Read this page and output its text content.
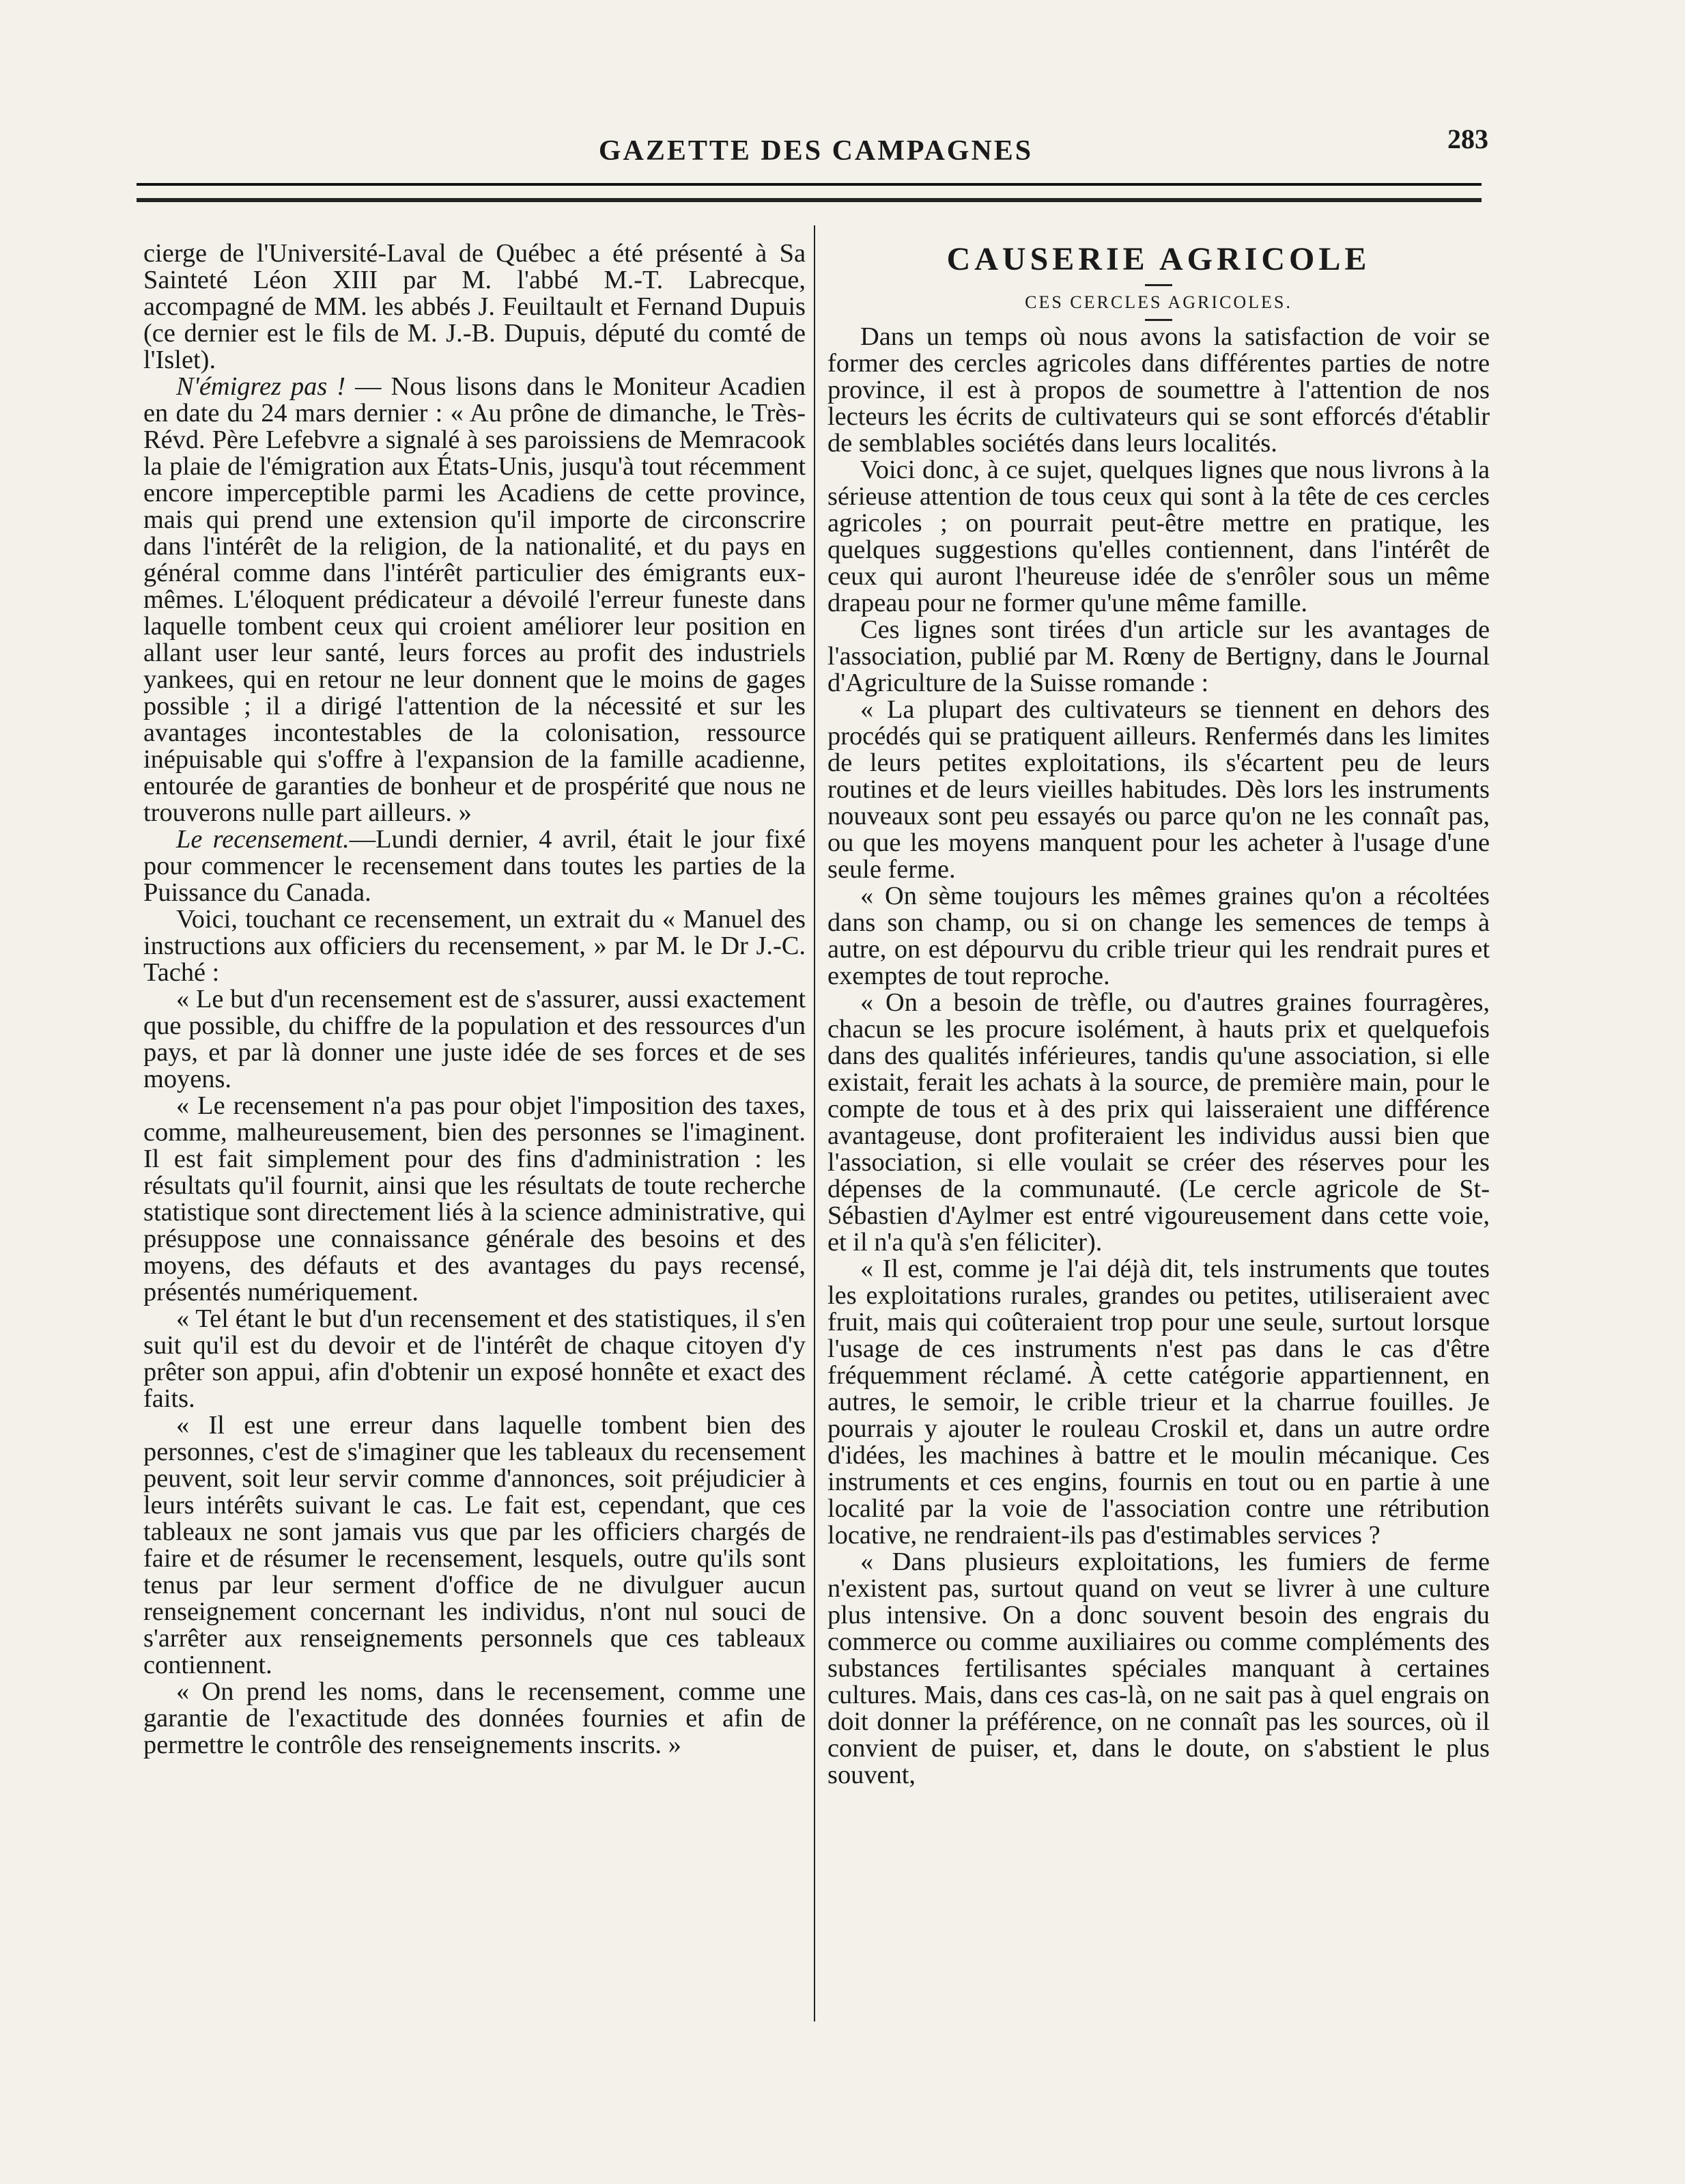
GAZETTE DES CAMPAGNES	283

cierge de l'Université-Laval de Québec a été présenté à Sa Sainteté Léon XIII par M. l'abbé M.-T. Labrecque, accompagné de MM. les abbés J. Feuiltault et Fernand Dupuis (ce dernier est le fils de M. J.-B. Dupuis, député du comté de l'Islet).

N'émigrez pas ! — Nous lisons dans le Moniteur Acadien en date du 24 mars dernier : « Au prône de dimanche, le Très-Révd. Père Lefebvre a signalé à ses paroissiens de Memracook la plaie de l'émigration aux États-Unis, jusqu'à tout récemment encore imperceptible parmi les Acadiens de cette province, mais qui prend une extension qu'il importe de circonscrire dans l'intérêt de la religion, de la nationalité, et du pays en général comme dans l'intérêt particulier des émigrants eux-mêmes. L'éloquent prédicateur a dévoilé l'erreur funeste dans laquelle tombent ceux qui croient améliorer leur position en allant user leur santé, leurs forces au profit des industriels yankees, qui en retour ne leur donnent que le moins de gages possible ; il a dirigé l'attention de la nécessité et sur les avantages incontestables de la colonisation, ressource inépuisable qui s'offre à l'expansion de la famille acadienne, entourée de garanties de bonheur et de prospérité que nous ne trouverons nulle part ailleurs. »

Le recensement.—Lundi dernier, 4 avril, était le jour fixé pour commencer le recensement dans toutes les parties de la Puissance du Canada.

Voici, touchant ce recensement, un extrait du « Manuel des instructions aux officiers du recensement, » par M. le Dr J.-C. Taché :

« Le but d'un recensement est de s'assurer, aussi exactement que possible, du chiffre de la population et des ressources d'un pays, et par là donner une juste idée de ses forces et de ses moyens.

« Le recensement n'a pas pour objet l'imposition des taxes, comme, malheureusement, bien des personnes se l'imaginent. Il est fait simplement pour des fins d'administration : les résultats qu'il fournit, ainsi que les résultats de toute recherche statistique sont directement liés à la science administrative, qui présuppose une connaissance générale des besoins et des moyens, des défauts et des avantages du pays recensé, présentés numériquement.

« Tel étant le but d'un recensement et des statistiques, il s'en suit qu'il est du devoir et de l'intérêt de chaque citoyen d'y prêter son appui, afin d'obtenir un exposé honnête et exact des faits.

« Il est une erreur dans laquelle tombent bien des personnes, c'est de s'imaginer que les tableaux du recensement peuvent, soit leur servir comme d'annonces, soit préjudicier à leurs intérêts suivant le cas. Le fait est, cependant, que ces tableaux ne sont jamais vus que par les officiers chargés de faire et de résumer le recensement, lesquels, outre qu'ils sont tenus par leur serment d'office de ne divulguer aucun renseignement concernant les individus, n'ont nul souci de s'arrêter aux renseignements personnels que ces tableaux contiennent.

« On prend les noms, dans le recensement, comme une garantie de l'exactitude des données fournies et afin de permettre le contrôle des renseignements inscrits. »

CAUSERIE AGRICOLE
CES CERCLES AGRICOLES.

Dans un temps où nous avons la satisfaction de voir se former des cercles agricoles dans différentes parties de notre province, il est à propos de soumettre à l'attention de nos lecteurs les écrits de cultivateurs qui se sont efforcés d'établir de semblables sociétés dans leurs localités.

Voici donc, à ce sujet, quelques lignes que nous livrons à la sérieuse attention de tous ceux qui sont à la tête de ces cercles agricoles ; on pourrait peut-être mettre en pratique, les quelques suggestions qu'elles contiennent, dans l'intérêt de ceux qui auront l'heureuse idée de s'enrôler sous un même drapeau pour ne former qu'une même famille.

Ces lignes sont tirées d'un article sur les avantages de l'association, publié par M. Rœny de Bertigny, dans le Journal d'Agriculture de la Suisse romande :

« La plupart des cultivateurs se tiennent en dehors des procédés qui se pratiquent ailleurs. Renfermés dans les limites de leurs petites exploitations, ils s'écartent peu de leurs routines et de leurs vieilles habitudes. Dès lors les instruments nouveaux sont peu essayés ou parce qu'on ne les connaît pas, ou que les moyens manquent pour les acheter à l'usage d'une seule ferme.

« On sème toujours les mêmes graines qu'on a récoltées dans son champ, ou si on change les semences de temps à autre, on est dépourvu du crible trieur qui les rendrait pures et exemptes de tout reproche.

« On a besoin de trèfle, ou d'autres graines fourragères, chacun se les procure isolément, à hauts prix et quelquefois dans des qualités inférieures, tandis qu'une association, si elle existait, ferait les achats à la source, de première main, pour le compte de tous et à des prix qui laisseraient une différence avantageuse, dont profiteraient les individus aussi bien que l'association, si elle voulait se créer des réserves pour les dépenses de la communauté. (Le cercle agricole de St-Sébastien d'Aylmer est entré vigoureusement dans cette voie, et il n'a qu'à s'en féliciter).

« Il est, comme je l'ai déjà dit, tels instruments que toutes les exploitations rurales, grandes ou petites, utiliseraient avec fruit, mais qui coûteraient trop pour une seule, surtout lorsque l'usage de ces instruments n'est pas dans le cas d'être fréquemment réclamé. À cette catégorie appartiennent, en autres, le semoir, le crible trieur et la charrue fouilles. Je pourrais y ajouter le rouleau Croskil et, dans un autre ordre d'idées, les machines à battre et le moulin mécanique. Ces instruments et ces engins, fournis en tout ou en partie à une localité par la voie de l'association contre une rétribution locative, ne rendraient-ils pas d'estimables services ?

« Dans plusieurs exploitations, les fumiers de ferme n'existent pas, surtout quand on veut se livrer à une culture plus intensive. On a donc souvent besoin des engrais du commerce ou comme auxiliaires ou comme compléments des substances fertilisantes spéciales manquant à certaines cultures. Mais, dans ces cas-là, on ne sait pas à quel engrais on doit donner la préférence, on ne connaît pas les sources, où il convient de puiser, et, dans le doute, on s'abstient le plus souvent,
